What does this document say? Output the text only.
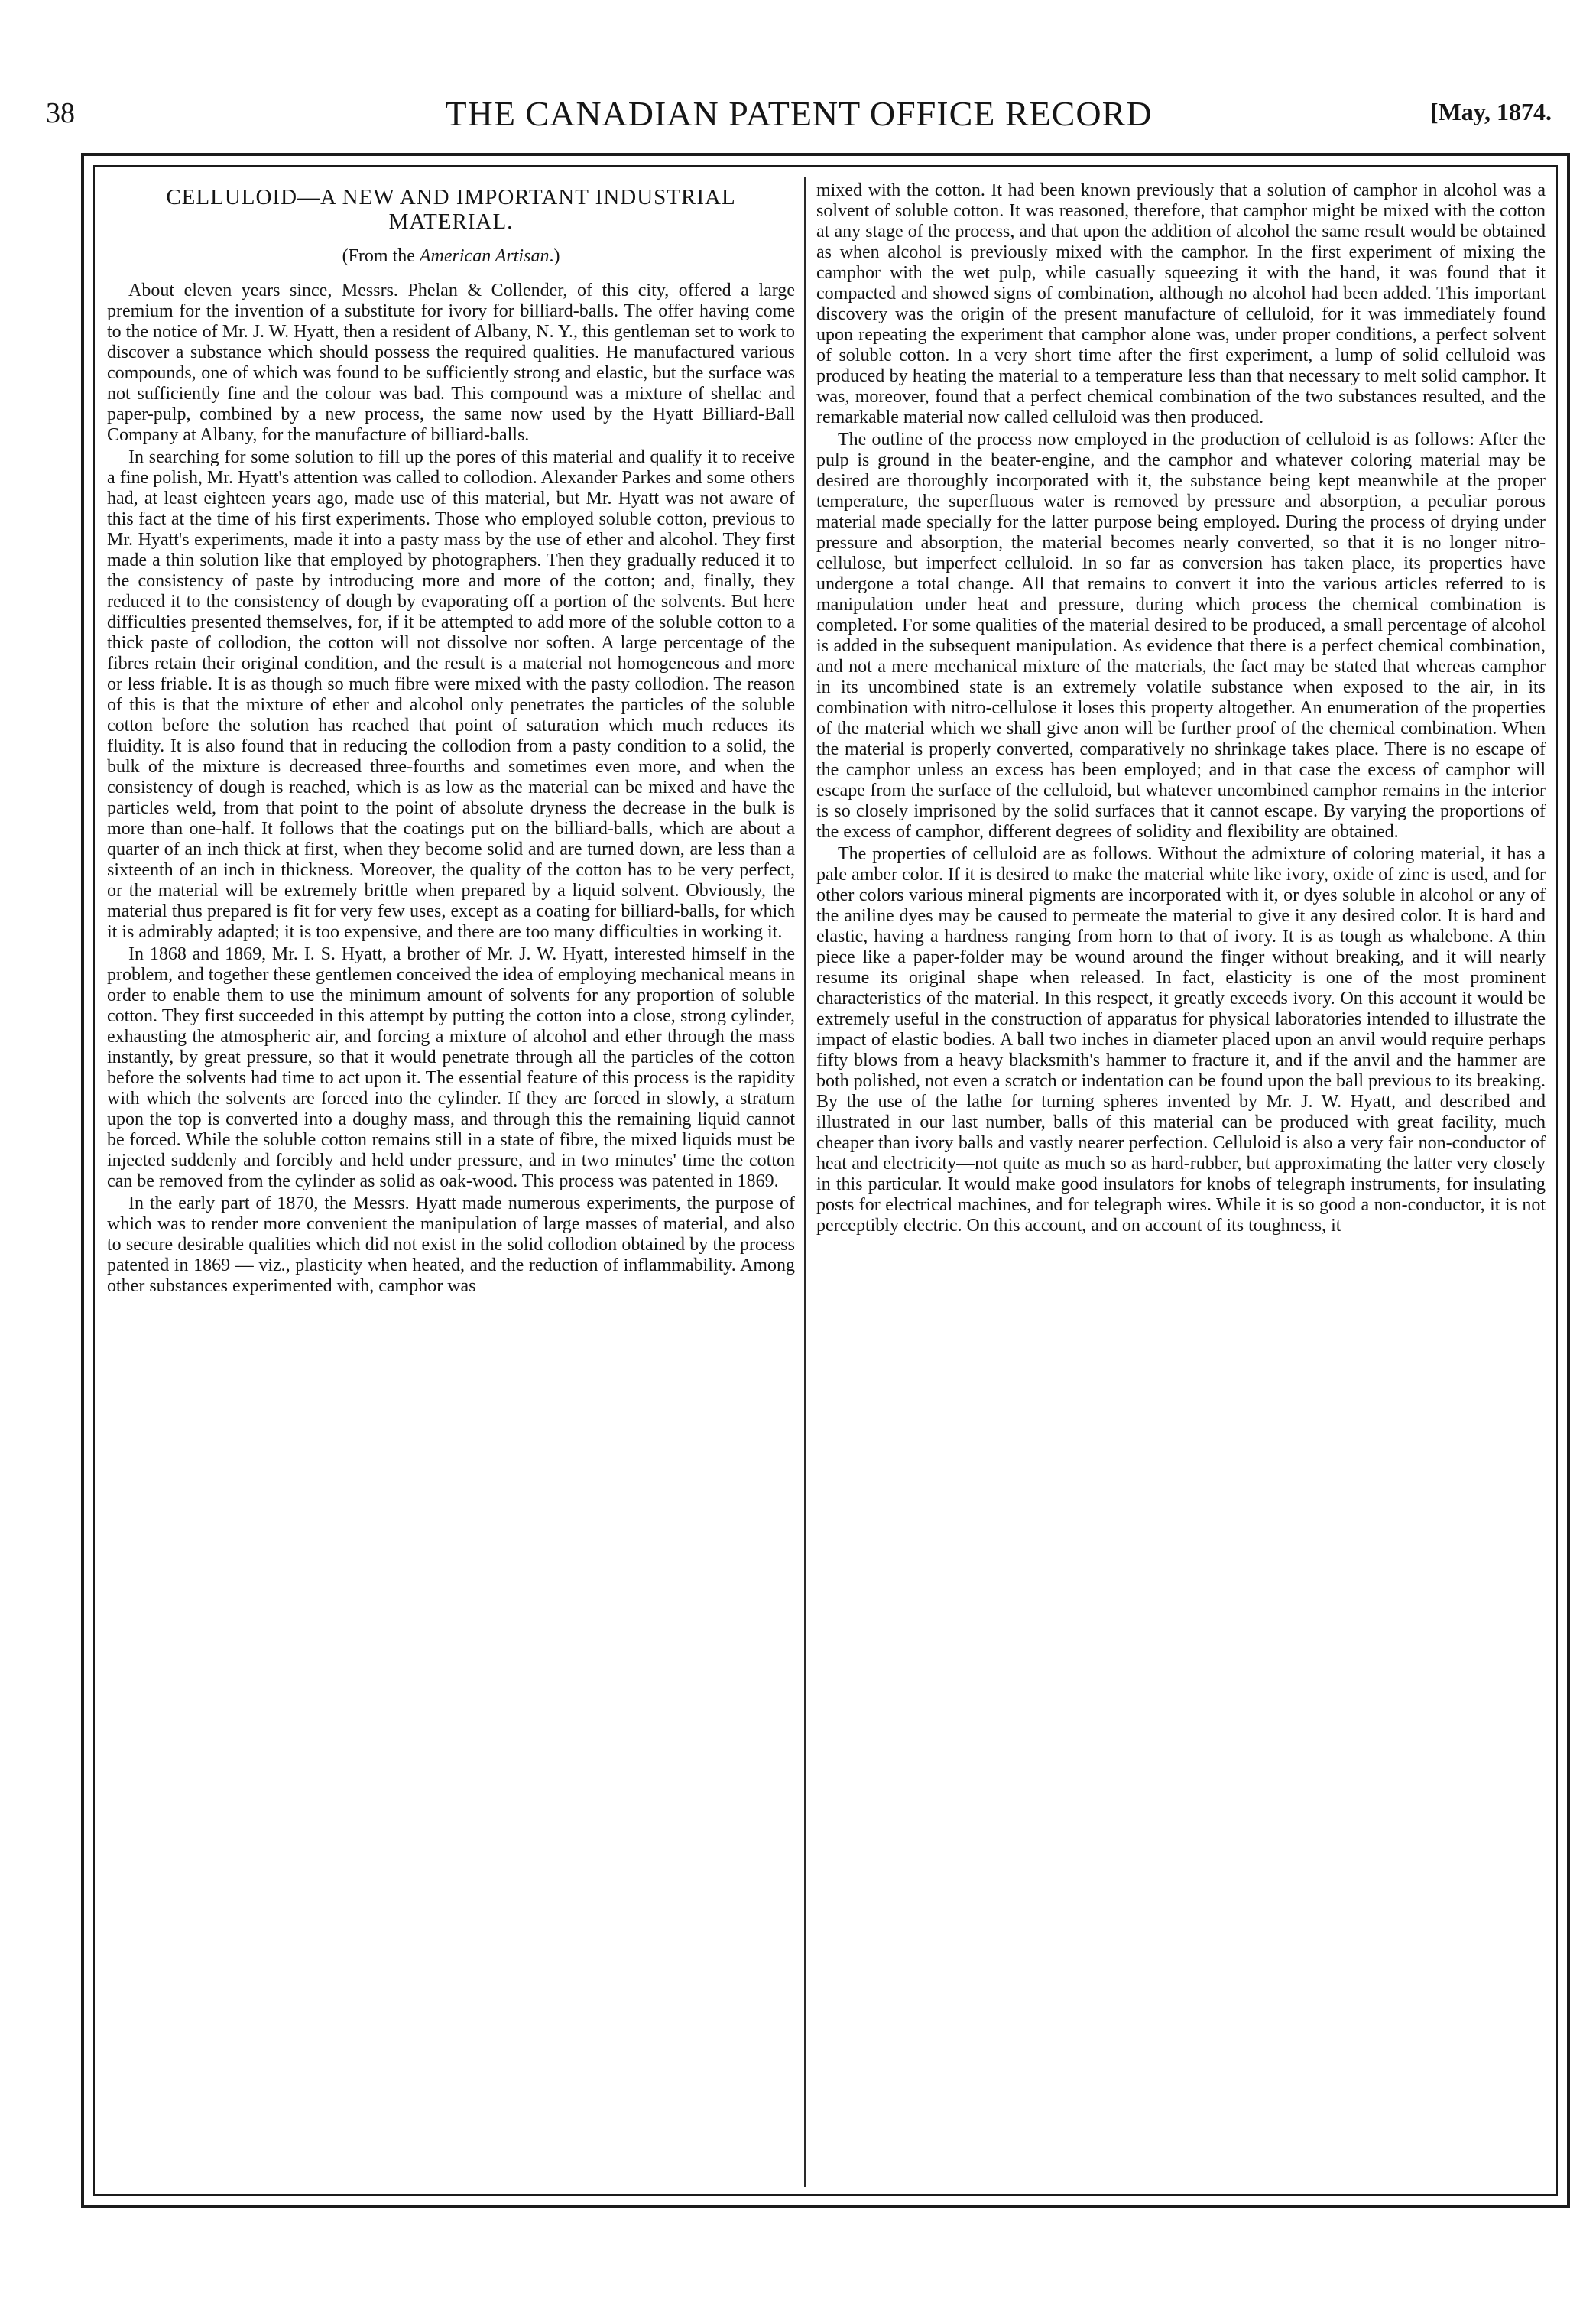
38	THE CANADIAN PATENT OFFICE RECORD	[May, 1874.
CELLULOID—A NEW AND IMPORTANT INDUSTRIAL MATERIAL.
(From the American Artisan.)

About eleven years since, Messrs. Phelan & Collender, of this city, offered a large premium for the invention of a substitute for ivory for billiard-balls. The offer having come to the notice of Mr. J. W. Hyatt, then a resident of Albany, N. Y., this gentleman set to work to discover a substance which should possess the required qualities. He manufactured various compounds, one of which was found to be sufficiently strong and elastic, but the surface was not sufficiently fine and the colour was bad. This compound was a mixture of shellac and paper-pulp, combined by a new process, the same now used by the Hyatt Billiard-Ball Company at Albany, for the manufacture of billiard-balls.

In searching for some solution to fill up the pores of this material and qualify it to receive a fine polish, Mr. Hyatt's attention was called to collodion. Alexander Parkes and some others had, at least eighteen years ago, made use of this material, but Mr. Hyatt was not aware of this fact at the time of his first experiments. Those who employed soluble cotton, previous to Mr. Hyatt's experiments, made it into a pasty mass by the use of ether and alcohol. They first made a thin solution like that employed by photographers. Then they gradually reduced it to the consistency of paste by introducing more and more of the cotton; and, finally, they reduced it to the consistency of dough by evaporating off a portion of the solvents. But here difficulties presented themselves, for, if it be attempted to add more of the soluble cotton to a thick paste of collodion, the cotton will not dissolve nor soften. A large percentage of the fibres retain their original condition, and the result is a material not homogeneous and more or less friable. It is as though so much fibre were mixed with the pasty collodion. The reason of this is that the mixture of ether and alcohol only penetrates the particles of the soluble cotton before the solution has reached that point of saturation which much reduces its fluidity. It is also found that in reducing the collodion from a pasty condition to a solid, the bulk of the mixture is decreased three-fourths and sometimes even more, and when the consistency of dough is reached, which is as low as the material can be mixed and have the particles weld, from that point to the point of absolute dryness the decrease in the bulk is more than one-half. It follows that the coatings put on the billiard-balls, which are about a quarter of an inch thick at first, when they become solid and are turned down, are less than a sixteenth of an inch in thickness. Moreover, the quality of the cotton has to be very perfect, or the material will be extremely brittle when prepared by a liquid solvent. Obviously, the material thus prepared is fit for very few uses, except as a coating for billiard-balls, for which it is admirably adapted; it is too expensive, and there are too many difficulties in working it.

In 1868 and 1869, Mr. I. S. Hyatt, a brother of Mr. J. W. Hyatt, interested himself in the problem, and together these gentlemen conceived the idea of employing mechanical means in order to enable them to use the minimum amount of solvents for any proportion of soluble cotton. They first succeeded in this attempt by putting the cotton into a close, strong cylinder, exhausting the atmospheric air, and forcing a mixture of alcohol and ether through the mass instantly, by great pressure, so that it would penetrate through all the particles of the cotton before the solvents had time to act upon it. The essential feature of this process is the rapidity with which the solvents are forced into the cylinder. If they are forced in slowly, a stratum upon the top is converted into a doughy mass, and through this the remaining liquid cannot be forced. While the soluble cotton remains still in a state of fibre, the mixed liquids must be injected suddenly and forcibly and held under pressure, and in two minutes' time the cotton can be removed from the cylinder as solid as oak-wood. This process was patented in 1869.

In the early part of 1870, the Messrs. Hyatt made numerous experiments, the purpose of which was to render more convenient the manipulation of large masses of material, and also to secure desirable qualities which did not exist in the solid collodion obtained by the process patented in 1869 — viz., plasticity when heated, and the reduction of inflammability. Among other substances experimented with, camphor was

mixed with the cotton. It had been known previously that a solution of camphor in alcohol was a solvent of soluble cotton. It was reasoned, therefore, that camphor might be mixed with the cotton at any stage of the process, and that upon the addition of alcohol the same result would be obtained as when alcohol is previously mixed with the camphor. In the first experiment of mixing the camphor with the wet pulp, while casually squeezing it with the hand, it was found that it compacted and showed signs of combination, although no alcohol had been added. This important discovery was the origin of the present manufacture of celluloid, for it was immediately found upon repeating the experiment that camphor alone was, under proper conditions, a perfect solvent of soluble cotton. In a very short time after the first experiment, a lump of solid celluloid was produced by heating the material to a temperature less than that necessary to melt solid camphor. It was, moreover, found that a perfect chemical combination of the two substances resulted, and the remarkable material now called celluloid was then produced.

The outline of the process now employed in the production of celluloid is as follows: After the pulp is ground in the beater-engine, and the camphor and whatever coloring material may be desired are thoroughly incorporated with it, the substance being kept meanwhile at the proper temperature, the superfluous water is removed by pressure and absorption, a peculiar porous material made specially for the latter purpose being employed. During the process of drying under pressure and absorption, the material becomes nearly converted, so that it is no longer nitro-cellulose, but imperfect celluloid. In so far as conversion has taken place, its properties have undergone a total change. All that remains to convert it into the various articles referred to is manipulation under heat and pressure, during which process the chemical combination is completed. For some qualities of the material desired to be produced, a small percentage of alcohol is added in the subsequent manipulation. As evidence that there is a perfect chemical combination, and not a mere mechanical mixture of the materials, the fact may be stated that whereas camphor in its uncombined state is an extremely volatile substance when exposed to the air, in its combination with nitro-cellulose it loses this property altogether. An enumeration of the properties of the material which we shall give anon will be further proof of the chemical combination. When the material is properly converted, comparatively no shrinkage takes place. There is no escape of the camphor unless an excess has been employed; and in that case the excess of camphor will escape from the surface of the celluloid, but whatever uncombined camphor remains in the interior is so closely imprisoned by the solid surfaces that it cannot escape. By varying the proportions of the excess of camphor, different degrees of solidity and flexibility are obtained.

The properties of celluloid are as follows. Without the admixture of coloring material, it has a pale amber color. If it is desired to make the material white like ivory, oxide of zinc is used, and for other colors various mineral pigments are incorporated with it, or dyes soluble in alcohol or any of the aniline dyes may be caused to permeate the material to give it any desired color. It is hard and elastic, having a hardness ranging from horn to that of ivory. It is as tough as whalebone. A thin piece like a paper-folder may be wound around the finger without breaking, and it will nearly resume its original shape when released. In fact, elasticity is one of the most prominent characteristics of the material. In this respect, it greatly exceeds ivory. On this account it would be extremely useful in the construction of apparatus for physical laboratories intended to illustrate the impact of elastic bodies. A ball two inches in diameter placed upon an anvil would require perhaps fifty blows from a heavy blacksmith's hammer to fracture it, and if the anvil and the hammer are both polished, not even a scratch or indentation can be found upon the ball previous to its breaking. By the use of the lathe for turning spheres invented by Mr. J. W. Hyatt, and described and illustrated in our last number, balls of this material can be produced with great facility, much cheaper than ivory balls and vastly nearer perfection. Celluloid is also a very fair non-conductor of heat and electricity—not quite as much so as hard-rubber, but approximating the latter very closely in this particular. It would make good insulators for knobs of telegraph instruments, for insulating posts for electrical machines, and for telegraph wires. While it is so good a non-conductor, it is not perceptibly electric. On this account, and on account of its toughness, it
